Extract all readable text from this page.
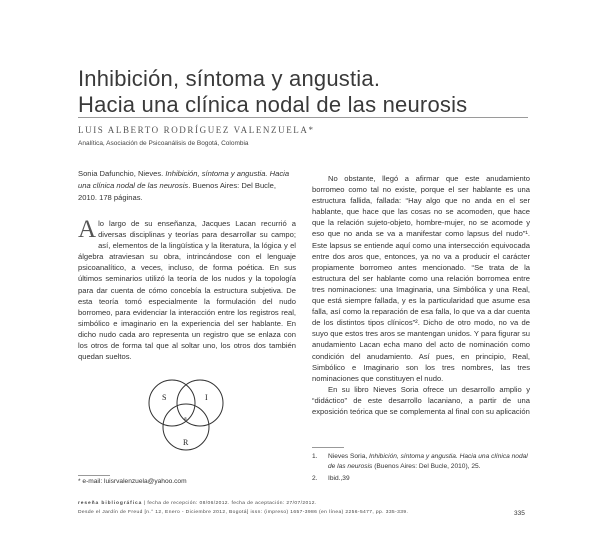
Inhibición, síntoma y angustia.
Hacia una clínica nodal de las neurosis
LUIS ALBERTO RODRÍGUEZ VALENZUELA*
Analítica, Asociación de Psicoanálisis de Bogotá, Colombia

Sonia Dafunchio, Nieves. Inhibición, síntoma y angustia. Hacia una clínica nodal de las neurosis. Buenos Aires: Del Bucle, 2010. 178 páginas.

Alo largo de su enseñanza, Jacques Lacan recurrió a diversas disciplinas y teorías para desarrollar su campo; así, elementos de la lingüística y la literatura, la lógica y el álgebra atraviesan su obra, intrincándose con el lenguaje psicoanalítico, a veces, incluso, de forma poética. En sus últimos seminarios utilizó la teoría de los nudos y la topología para dar cuenta de cómo concebía la estructura subjetiva. De esta teoría tomó especialmente la formulación del nudo borromeo, para evidenciar la interacción entre los registros real, simbólico e imaginario en la experiencia del ser hablante. En dicho nudo cada aro representa un registro que se enlaza con los otros de forma tal que al soltar uno, los otros dos también quedan sueltos.

S	I
R
a
* e-mail: luisrvalenzuela@yahoo.com

No obstante, llegó a afirmar que este anudamiento borromeo como tal no existe, porque el ser hablante es una estructura fallida, fallada: “Hay algo que no anda en el ser hablante, que hace que las cosas no se acomoden, que hace que la relación sujeto-objeto, hombre-mujer, no se acomode y eso que no anda se va a manifestar como lapsus del nudo”¹. Este lapsus se entiende aquí como una intersección equivocada entre dos aros que, entonces, ya no va a producir el carácter propiamente borromeo antes mencionado. “Se trata de la estructura del ser hablante como una relación borromea entre tres nominaciones: una Imaginaria, una Simbólica y una Real, que está siempre fallada, y es la particularidad que asume esa falla, así como la reparación de esa falla, lo que va a dar cuenta de los distintos tipos clínicos”². Dicho de otro modo, no va de suyo que estos tres aros se mantengan unidos. Y para figurar su anudamiento Lacan echa mano del acto de nominación como condición del anudamiento. Así pues, en principio, Real, Simbólico e Imaginario son los tres nombres, las tres nominaciones que constituyen el nudo.

En su libro Nieves Soria ofrece un desarrollo amplio y “didáctico” de este desarrollo lacaniano, a partir de una exposición teórica que se complementa al final con su aplicación

1.	Nieves Soria, Inhibición, síntoma y angustia. Hacia una clínica nodal de las neurosis (Buenos Aires: Del Bucle, 2010), 25.
2.	Ibid.,39
reseña bibliográfica | fecha de recepción: 08/06/2012. fecha de aceptación: 27/07/2012.
Desde el Jardín de Freud [n.° 12, Enero - Diciembre 2012, Bogotá] issn: (impreso) 1657-3986 (en línea) 2256-5477, pp. 335-339.	335
